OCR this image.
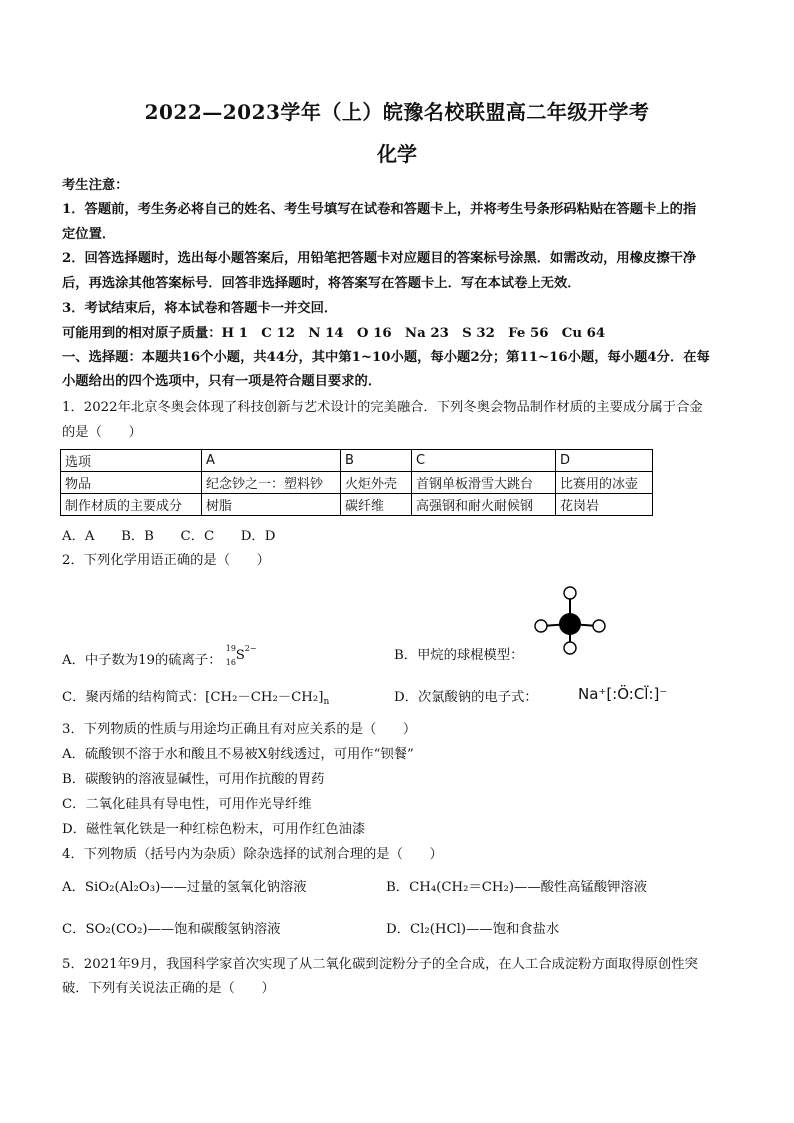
2022—2023学年（上）皖豫名校联盟高二年级开学考
化学
考生注意：
1．答题前，考生务必将自己的姓名、考生号填写在试卷和答题卡上，并将考生号条形码粘贴在答题卡上的指
定位置．
2．回答选择题时，选出每小题答案后，用铅笔把答题卡对应题目的答案标号涂黑．如需改动，用橡皮擦干净
后，再选涂其他答案标号．回答非选择题时，将答案写在答题卡上．写在本试卷上无效．
3．考试结束后，将本试卷和答题卡一并交回．
可能用到的相对原子质量：H 1　C 12　N 14　O 16　Na 23　S 32　Fe 56　Cu 64
一、选择题：本题共16个小题，共44分，其中第1~10小题，每小题2分；第11~16小题，每小题4分．在每
小题给出的四个选项中，只有一项是符合题目要求的．
1．2022年北京冬奥会体现了科技创新与艺术设计的完美融合．下列冬奥会物品制作材质的主要成分属于合金
的是（　　）
选项	A	B	C	D
物品	纪念钞之一：塑料钞	火炬外壳	首钢单板滑雪大跳台	比赛用的冰壶
制作材质的主要成分	树脂	碳纤维	高强钢和耐火耐候钢	花岗岩
A．A　　B．B　　C．C　　D．D
2．下列化学用语正确的是（　　）
A．中子数为19的硫离子：
19
16 S 2−	B．甲烷的球棍模型：
C．聚丙烯的结构简式：$[CH_2-CH_2-CH_2]_n$	D．次氯酸钠的电子式：	Na⁺[:Ö:Cl̈:]⁻
3．下列物质的性质与用途均正确且有对应关系的是（　　）
A．硫酸钡不溶于水和酸且不易被X射线透过，可用作“钡餐”
B．碳酸钠的溶液显碱性，可用作抗酸的胃药
C．二氧化硅具有导电性，可用作光导纤维
D．磁性氧化铁是一种红棕色粉末，可用作红色油漆
4．下列物质（括号内为杂质）除杂选择的试剂合理的是（　　）
A．SiO₂(Al₂O₃)——过量的氢氧化钠溶液	B．CH₄(CH₂＝CH₂)——酸性高锰酸钾溶液
C．SO₂(CO₂)——饱和碳酸氢钠溶液	D．Cl₂(HCl)——饱和食盐水
5．2021年9月，我国科学家首次实现了从二氧化碳到淀粉分子的全合成，在人工合成淀粉方面取得原创性突
破．下列有关说法正确的是（　　）
